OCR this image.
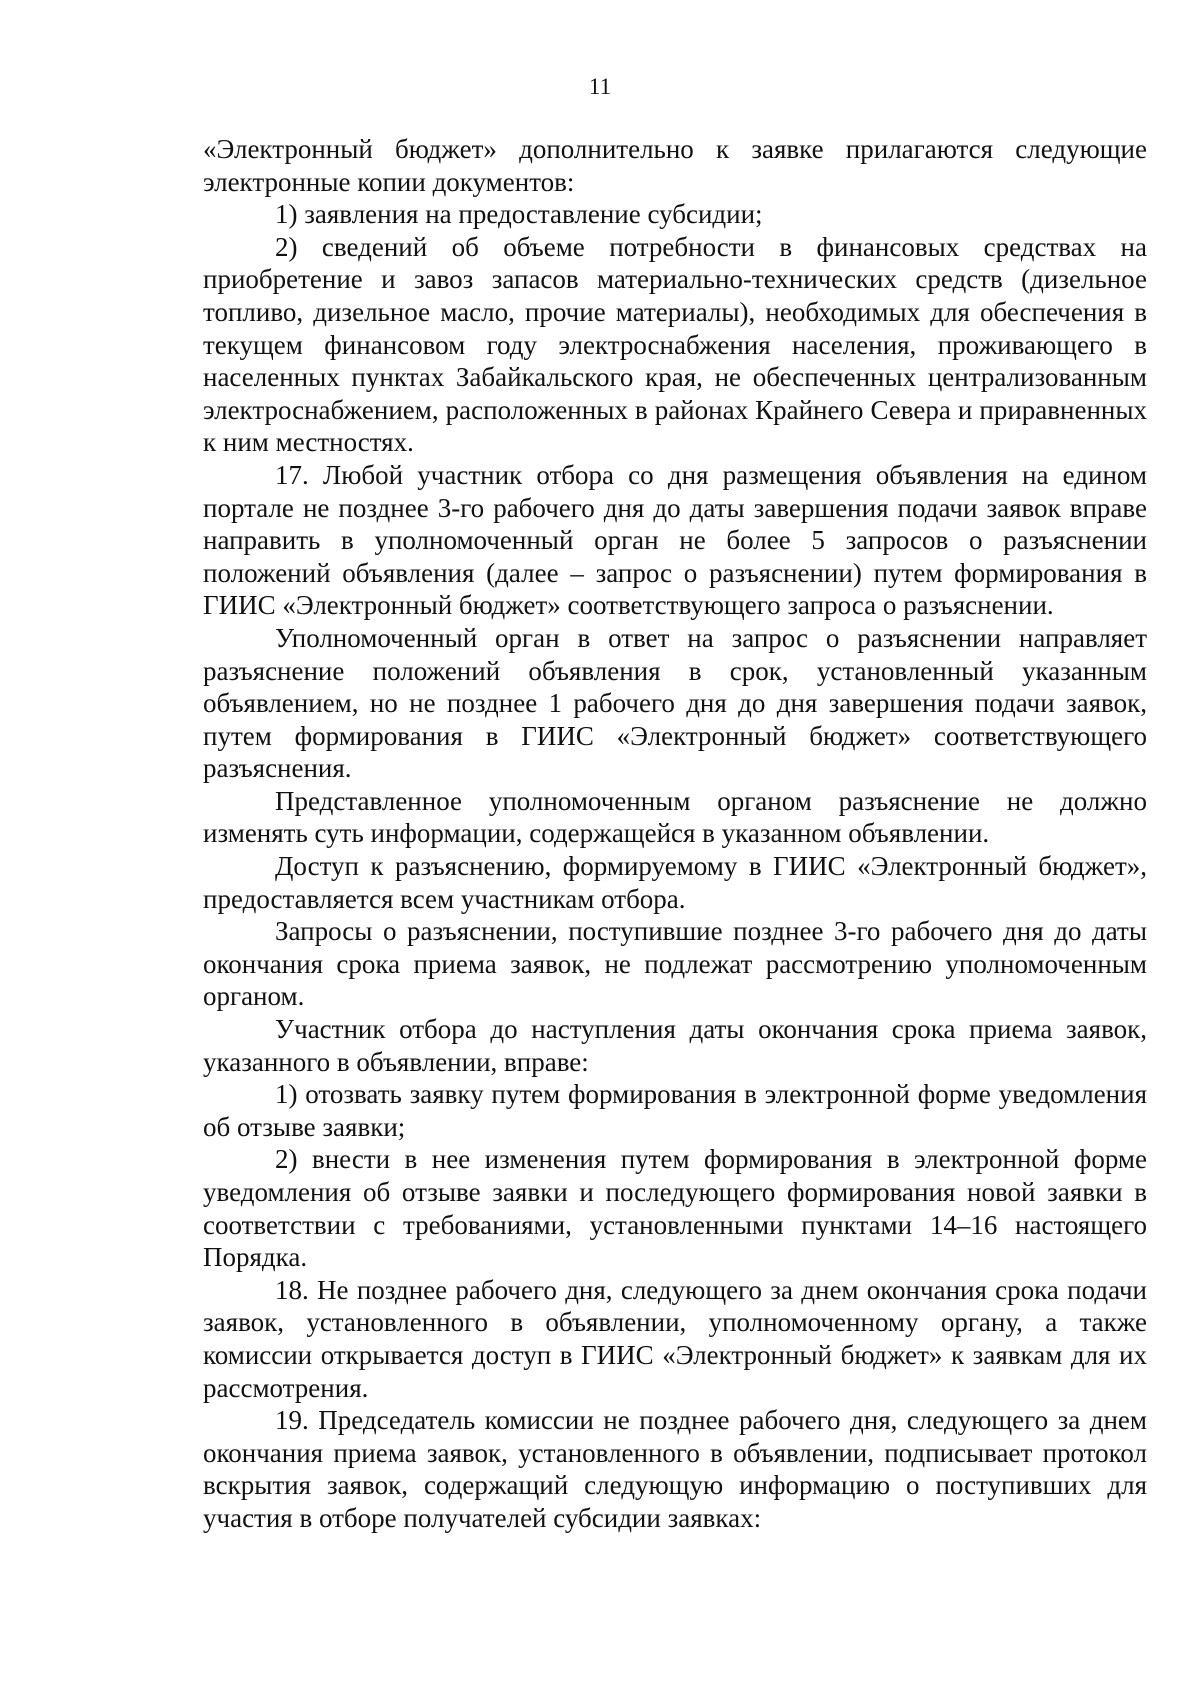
11

«Электронный бюджет» дополнительно к заявке прилагаются следующие электронные копии документов:

1) заявления на предоставление субсидии;

2) сведений об объеме потребности в финансовых средствах на приобретение и завоз запасов материально-технических средств (дизельное топливо, дизельное масло, прочие материалы), необходимых для обеспечения в текущем финансовом году электроснабжения населения, проживающего в населенных пунктах Забайкальского края, не обеспеченных централизованным электроснабжением, расположенных в районах Крайнего Севера и приравненных к ним местностях.

17. Любой участник отбора со дня размещения объявления на едином портале не позднее 3-го рабочего дня до даты завершения подачи заявок вправе направить в уполномоченный орган не более 5 запросов о разъяснении положений объявления (далее – запрос о разъяснении) путем формирования в ГИИС «Электронный бюджет» соответствующего запроса о разъяснении.

Уполномоченный орган в ответ на запрос о разъяснении направляет разъяснение положений объявления в срок, установленный указанным объявлением, но не позднее 1 рабочего дня до дня завершения подачи заявок, путем формирования в ГИИС «Электронный бюджет» соответствующего разъяснения.

Представленное уполномоченным органом разъяснение не должно изменять суть информации, содержащейся в указанном объявлении.

Доступ к разъяснению, формируемому в ГИИС «Электронный бюджет», предоставляется всем участникам отбора.

Запросы о разъяснении, поступившие позднее 3-го рабочего дня до даты окончания срока приема заявок, не подлежат рассмотрению уполномоченным органом.

Участник отбора до наступления даты окончания срока приема заявок, указанного в объявлении, вправе:

1) отозвать заявку путем формирования в электронной форме уведомления об отзыве заявки;

2) внести в нее изменения путем формирования в электронной форме уведомления об отзыве заявки и последующего формирования новой заявки в соответствии с требованиями, установленными пунктами 14–16 настоящего Порядка.

18. Не позднее рабочего дня, следующего за днем окончания срока подачи заявок, установленного в объявлении, уполномоченному органу, а также комиссии открывается доступ в ГИИС «Электронный бюджет» к заявкам для их рассмотрения.

19. Председатель комиссии не позднее рабочего дня, следующего за днем окончания приема заявок, установленного в объявлении, подписывает протокол вскрытия заявок, содержащий следующую информацию о поступивших для участия в отборе получателей субсидии заявках:
